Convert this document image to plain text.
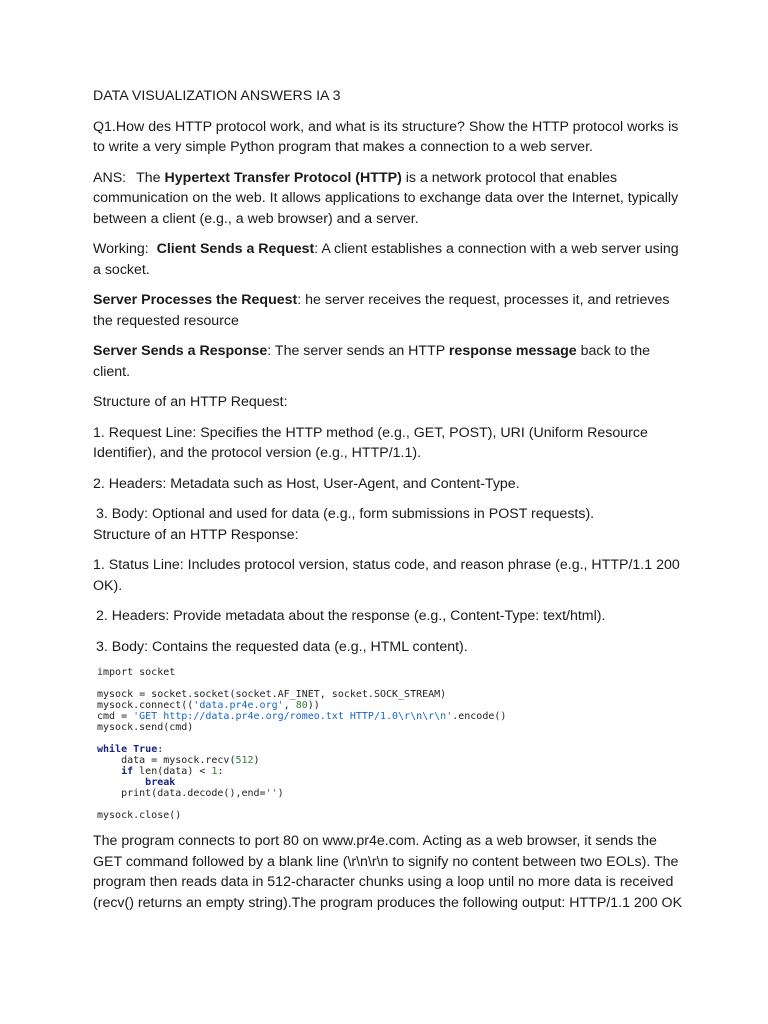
DATA VISUALIZATION ANSWERS IA 3

Q1.How des HTTP protocol work, and what is its structure? Show the HTTP protocol works is to write a very simple Python program that makes a connection to a web server.

ANS: The Hypertext Transfer Protocol (HTTP) is a network protocol that enables communication on the web. It allows applications to exchange data over the Internet, typically between a client (e.g., a web browser) and a server.

Working: Client Sends a Request: A client establishes a connection with a web server using a socket.

Server Processes the Request: he server receives the request, processes it, and retrieves the requested resource

Server Sends a Response: The server sends an HTTP response message back to the client.

Structure of an HTTP Request:

1. Request Line: Specifies the HTTP method (e.g., GET, POST), URI (Uniform Resource Identifier), and the protocol version (e.g., HTTP/1.1).

2. Headers: Metadata such as Host, User-Agent, and Content-Type.

3. Body: Optional and used for data (e.g., form submissions in POST requests).

Structure of an HTTP Response:

1. Status Line: Includes protocol version, status code, and reason phrase (e.g., HTTP/1.1 200 OK).

2. Headers: Provide metadata about the response (e.g., Content-Type: text/html).

3. Body: Contains the requested data (e.g., HTML content).

import socket

mysock = socket.socket(socket.AF_INET, socket.SOCK_STREAM)
mysock.connect(('data.pr4e.org', 80))
cmd = 'GET http://data.pr4e.org/romeo.txt HTTP/1.0\r\n\r\n'.encode()
mysock.send(cmd)

while True:
data = mysock.recv(512)
if len(data) < 1:
break
print(data.decode(),end='')

mysock.close()

The program connects to port 80 on www.pr4e.com. Acting as a web browser, it sends the GET command followed by a blank line (\r\n\r\n to signify no content between two EOLs). The program then reads data in 512-character chunks using a loop until no more data is received (recv() returns an empty string).The program produces the following output: HTTP/1.1 200 OK
